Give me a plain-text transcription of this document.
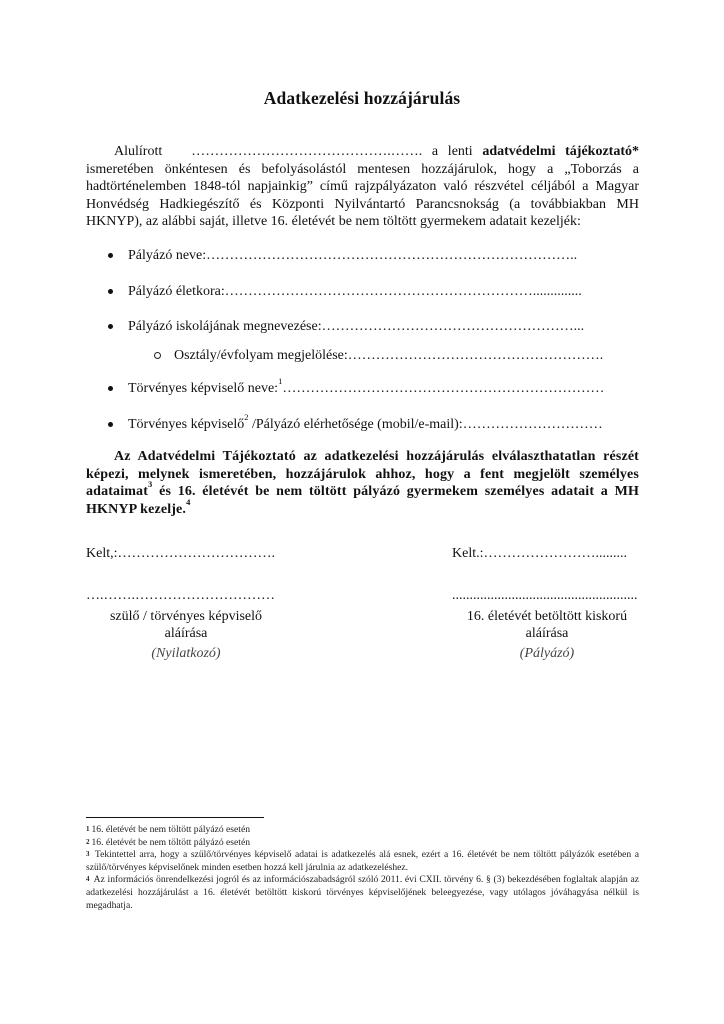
Adatkezelési hozzájárulás

Alulírott …………………………………….……. a lenti adatvédelmi tájékoztató* ismeretében önkéntesen és befolyásolástól mentesen hozzájárulok, hogy a „Toborzás a hadtörténelemben 1848-tól napjainkig” című rajzpályázaton való részvétel céljából a Magyar Honvédség Hadkiegészítő és Központi Nyilvántartó Parancsnokság (a továbbiakban MH HKNYP), az alábbi saját, illetve 16. életévét be nem töltött gyermekem adatait kezeljék:

Pályázó neve:……………………………………………………………………..
Pályázó életkora:…………………………………………………………..............
Pályázó iskolájának megnevezése:………………………………………………...
Osztály/évfolyam megjelölése:……………………………………………….
Törvényes képviselő neve:$^1$……………………………………………………………
Törvényes képviselő$^2$ /Pályázó elérhetősége (mobil/e-mail):…………………………

Az Adatvédelmi Tájékoztató az adatkezelési hozzájárulás elválaszthatatlan részét képezi, melynek ismeretében, hozzájárulok ahhoz, hogy a fent megjelölt személyes adataimat$^3$ és 16. életévét be nem töltött pályázó gyermekem személyes adatait a MH HKNYP kezelje.$^4$

Kelt,:…………………………….
….…….…………………………
szülő / törvényes képviselő
aláírása
(Nyilatkozó)
Kelt.:…………………….........
.....................................................
16. életévét betöltött kiskorú
aláírása
(Pályázó)

$^1$ 16. életévét be nem töltött pályázó esetén

$^2$ 16. életévét be nem töltött pályázó esetén

$^3$ Tekintettel arra, hogy a szülő/törvényes képviselő adatai is adatkezelés alá esnek, ezért a 16. életévét be nem töltött pályázók esetében a szülő/törvényes képviselőnek minden esetben hozzá kell járulnia az adatkezeléshez.

$^4$ Az információs önrendelkezési jogról és az információszabadságról szóló 2011. évi CXII. törvény 6. § (3) bekezdésében foglaltak alapján az adatkezelési hozzájárulást a 16. életévét betöltött kiskorú törvényes képviselőjének beleegyezése, vagy utólagos jóváhagyása nélkül is megadhatja.
